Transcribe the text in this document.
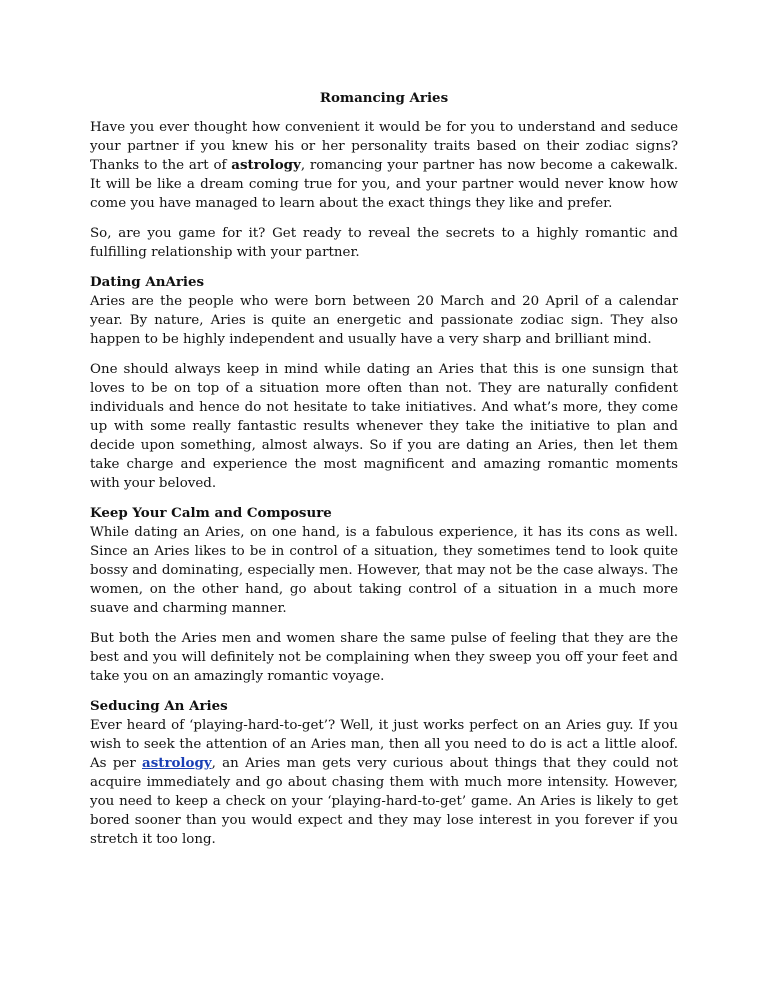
Romancing Aries

Have you ever thought how convenient it would be for you to understand and seduce your partner if you knew his or her personality traits based on their zodiac signs? Thanks to the art of astrology, romancing your partner has now become a cakewalk. It will be like a dream coming true for you, and your partner would never know how come you have managed to learn about the exact things they like and prefer.

So, are you game for it? Get ready to reveal the secrets to a highly romantic and fulfilling relationship with your partner.

Dating AnAries

Aries are the people who were born between 20 March and 20 April of a calendar year. By nature, Aries is quite an energetic and passionate zodiac sign. They also happen to be highly independent and usually have a very sharp and brilliant mind.

One should always keep in mind while dating an Aries that this is one sunsign that loves to be on top of a situation more often than not. They are naturally confident individuals and hence do not hesitate to take initiatives. And what’s more, they come up with some really fantastic results whenever they take the initiative to plan and decide upon something, almost always. So if you are dating an Aries, then let them take charge and experience the most magnificent and amazing romantic moments with your beloved.

Keep Your Calm and Composure

While dating an Aries, on one hand, is a fabulous experience, it has its cons as well. Since an Aries likes to be in control of a situation, they sometimes tend to look quite bossy and dominating, especially men. However, that may not be the case always. The women, on the other hand, go about taking control of a situation in a much more suave and charming manner.

But both the Aries men and women share the same pulse of feeling that they are the best and you will definitely not be complaining when they sweep you off your feet and take you on an amazingly romantic voyage.

Seducing An Aries

Ever heard of ‘playing-hard-to-get’? Well, it just works perfect on an Aries guy. If you wish to seek the attention of an Aries man, then all you need to do is act a little aloof. As per astrology, an Aries man gets very curious about things that they could not acquire immediately and go about chasing them with much more intensity. However, you need to keep a check on your ‘playing-hard-to-get’ game. An Aries is likely to get bored sooner than you would expect and they may lose interest in you forever if you stretch it too long.
